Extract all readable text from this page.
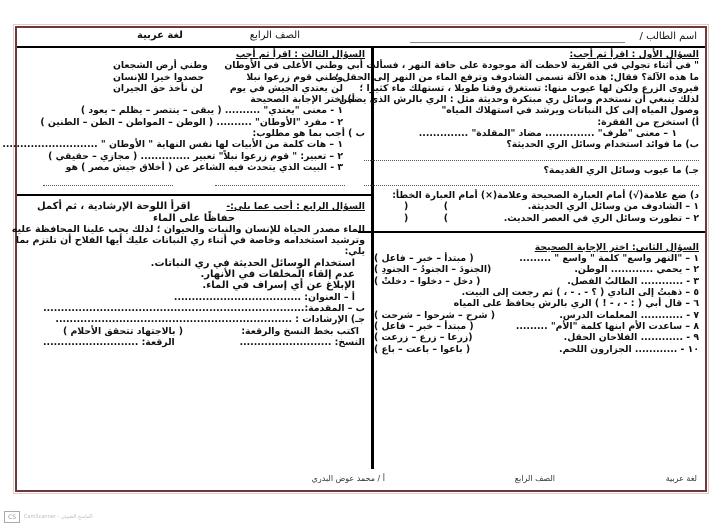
اسم الطالب /
الصف الرابع
لغة عربية
السؤال الأول : اقرأ ثم أجب:
" في أثناء تجولي في القرية لاحظت آلة موجودة على حافة النهر ، فسألت أبي
ما هذه الآلة؟ فقال: هذه الآلة تسمى الشادوف وترفع الماء من النهر إلى الحقل ؛
فيروى الزرع ولكن لها عيوب منها: تستغرق وقتا طويلا ، تستهلك ماء كثيرا ؛
لذلك ينبغي أن نستخدم وسائل ري مبتكرة وحديثة مثل : الري بالرش الذي يضمن
وصول المياه إلى كل النباتات ويرشد في استهلاك المياه"
أ) استخرج من الفقرة:
١ – معنى "طرف" .............. مضاد "المقلدة" ..............
ب) ما فوائد استخدام وسائل الري الحديثة؟
جـ) ما عيوب وسائل الري القديمة؟
د) ضع علامة(√) أمام العبارة الصحيحة وعلامة(×) أمام العبارة الخطأ:
١ – الشادوف من وسائل الري الحديثة.
)
(
٢ – تطورت وسائل الري في العصر الحديث.
)
(
السؤال الثاني: اختر الإجابة الصحيحة
١ – "النهر واسع" كلمة " واسع " .........
( مبتدأ – خبر – فاعل )
٢ – يحمي ............ الوطن.
(الجنودَ – الجنودُ – الجنودِ )
٣ - ............ الطالبُ الفصل.
( دخل – دخلوا – دخلتْ )
٥ – ذهبتُ إلى النادي ( ؟ - . - ، ) ثم رجعت إلى البيت.
٦ – قال أبي ( : - ، - ! ) الري بالرش يحافظ على المياه
٧ - ............ المعلمات الدرس.
( شرح – شرحوا – شرحت )
٨ – ساعدت الأم ابنها كلمة "الأم" .........
( مبتدأ – خبر – فاعل )
٩ - ............ الفلاحان الحقل.
(زرعا – زرع – زرعت )
١٠ - ............ الجزارون اللحم.
( باعوا – باعت – باع )
السؤال الثالث : اقرأ ثم أجب
وطني الأغلى في الأوطان
وطني أرض الشجعان
وطني قوم زرعوا نبلا
حصدوا خيرا للإنسان
لن يعتدي الجيش في يوم
لن نأخذ حق الجيران
أ) اختر الإجابة الصحيحة
١ - معنى "يعتدي" .......... ( يبقى – ينتصر – يظلم – يعود )
٢ - مفرد "الأوطان" .......... ( الوطن – المواطن – الطن – الطنين )
ب ) أجب بما هو مطلوب:
١ – هات كلمة من الأبيات لها نفس النهاية " الأوطان " ...........................
٢ – تعبير: " قوم زرعوا نبلاً" تعبير .............. ( مجازي – حقيقي )
٣ - البيت الذي يتحدث فيه الشاعر عن ( أخلاق جيش مصر ) هو
السؤال الرابع : أجب عما يلي:-
اقرأ اللوحة الإرشادية ، ثم أكمل
حفاظًا على الماء
الماء مصدر الحياة للإنسان والنبات والحيوان ؛ لذلك يجب علينا المحافظة عليه
وترشيد استخدامه وخاصة في أثناء ري النباتات عليك أيها الفلاح أن تلتزم بما
يلي:
استخدام الوسائل الحديثة في ري النباتات.
عدم إلقاء المخلفات في الأنهار.
الإبلاغ عن أي إسراف في الماء.
أ – العنوان: ....................................
ب – المقدمة:..........................................................................
جـ) الإرشادات : ...................................................................
اكتب بخط النسخ والرقعة:
( بالاجتهاد تتحقق الأحلام )
النسخ: ..........................
الرقعة: ...........................
لغة عربية
الصف الرابع
أ / محمد عوض البدري
CS	CamScanner - الماسح الضوئي
